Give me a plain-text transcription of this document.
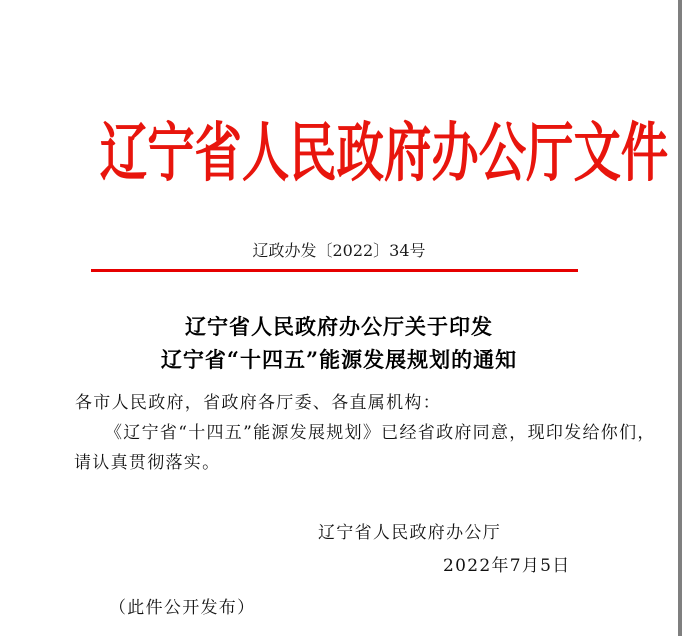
辽宁省人民政府办公厅文件
辽政办发〔2022〕34号
辽宁省人民政府办公厅关于印发
辽宁省“十四五”能源发展规划的通知
各市人民政府，省政府各厅委、各直属机构：
《辽宁省“十四五”能源发展规划》已经省政府同意，现印发给你们，
请认真贯彻落实。
辽宁省人民政府办公厅
2022年7月5日
（此件公开发布）
